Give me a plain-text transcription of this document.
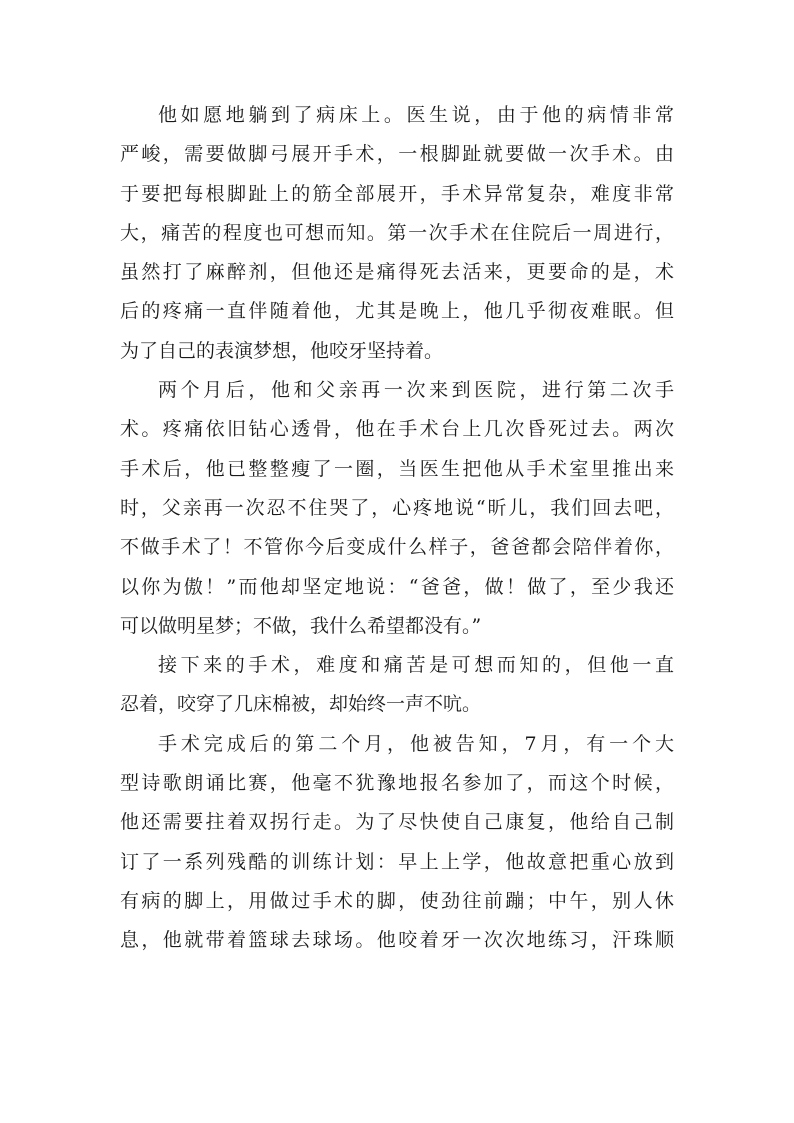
他如愿地躺到了病床上。医生说，由于他的病情非常
严峻，需要做脚弓展开手术，一根脚趾就要做一次手术。由
于要把每根脚趾上的筋全部展开，手术异常复杂，难度非常
大，痛苦的程度也可想而知。第一次手术在住院后一周进行，
虽然打了麻醉剂，但他还是痛得死去活来，更要命的是，术
后的疼痛一直伴随着他，尤其是晚上，他几乎彻夜难眠。但
为了自己的表演梦想，他咬牙坚持着。
两个月后，他和父亲再一次来到医院，进行第二次手
术。疼痛依旧钻心透骨，他在手术台上几次昏死过去。两次
手术后，他已整整瘦了一圈，当医生把他从手术室里推出来
时，父亲再一次忍不住哭了，心疼地说“昕儿，我们回去吧，
不做手术了！不管你今后变成什么样子，爸爸都会陪伴着你，
以你为傲！”而他却坚定地说：“爸爸，做！做了，至少我还
可以做明星梦；不做，我什么希望都没有。”
接下来的手术，难度和痛苦是可想而知的，但他一直
忍着，咬穿了几床棉被，却始终一声不吭。
手术完成后的第二个月，他被告知，7月，有一个大
型诗歌朗诵比赛，他毫不犹豫地报名参加了，而这个时候，
他还需要拄着双拐行走。为了尽快使自己康复，他给自己制
订了一系列残酷的训练计划：早上上学，他故意把重心放到
有病的脚上，用做过手术的脚，使劲往前蹦；中午，别人休
息，他就带着篮球去球场。他咬着牙一次次地练习，汗珠顺
